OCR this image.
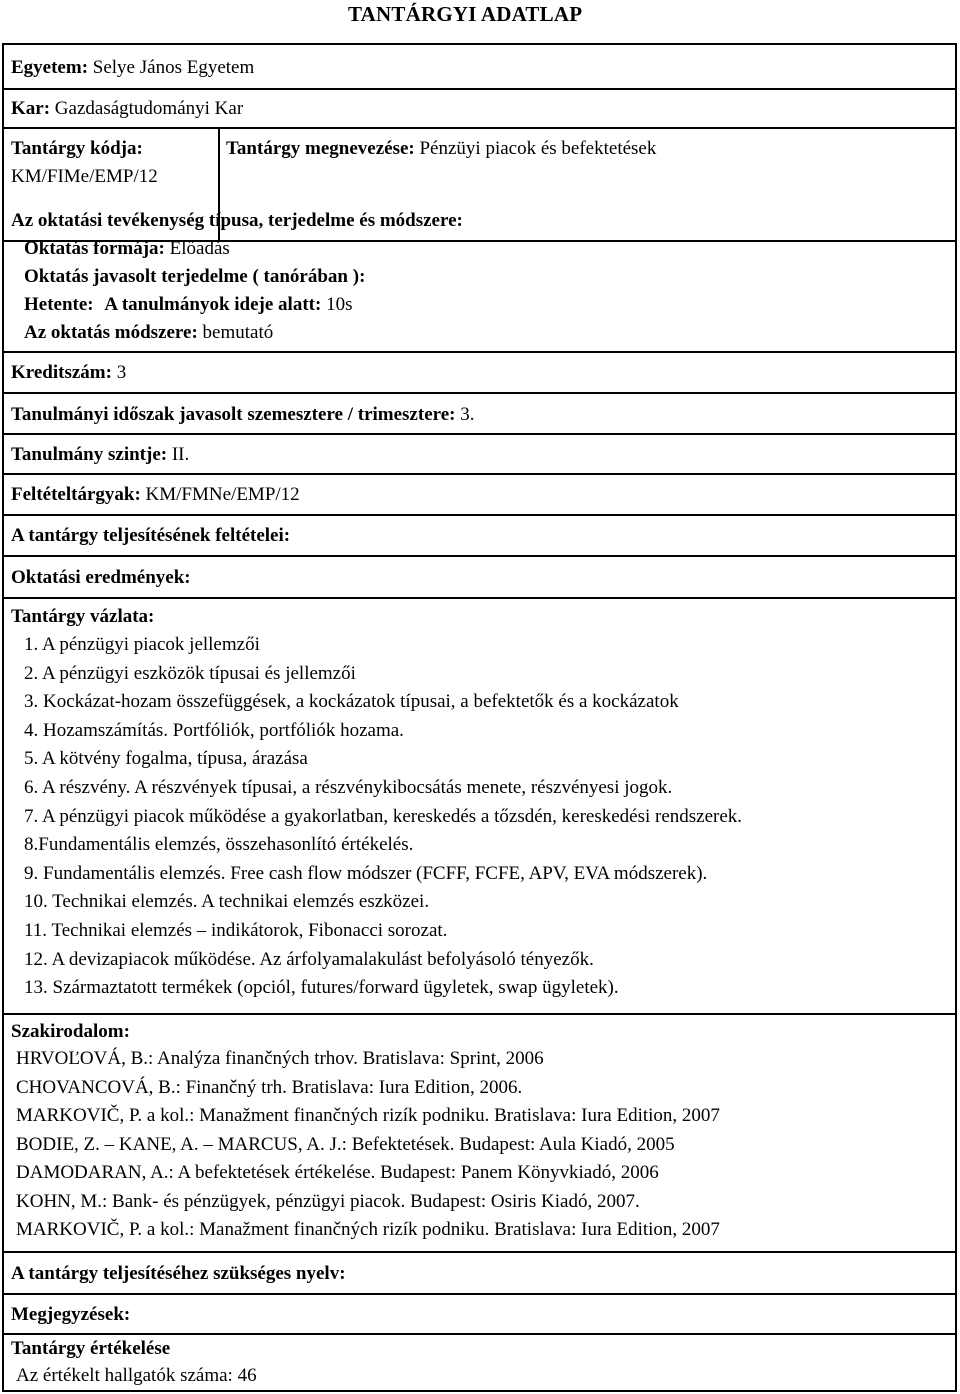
TANTÁRGYI ADATLAP
Egyetem: Selye János Egyetem
Kar: Gazdaságtudományi Kar
Tantárgy kódja:
KM/FIMe/EMP/12
Tantárgy megnevezése: Pénzüyi piacok és befektetések
Az oktatási tevékenység típusa, terjedelme és módszere:
Oktatás formája: Előadás
Oktatás javasolt terjedelme ( tanórában ):
Hetente: A tanulmányok ideje alatt: 10s
Az oktatás módszere: bemutató
Kreditszám: 3
Tanulmányi időszak javasolt szemesztere / trimesztere: 3.
Tanulmány szintje: II.
Feltételtárgyak: KM/FMNe/EMP/12
A tantárgy teljesítésének feltételei:
Oktatási eredmények:
Tantárgy vázlata:
1. A pénzügyi piacok jellemzői
2. A pénzügyi eszközök típusai és jellemzői
3. Kockázat-hozam összefüggések, a kockázatok típusai, a befektetők és a kockázatok
4. Hozamszámítás. Portfóliók, portfóliók hozama.
5. A kötvény fogalma, típusa, árazása
6. A részvény. A részvények típusai, a részvénykibocsátás menete, részvényesi jogok.
7. A pénzügyi piacok működése a gyakorlatban, kereskedés a tőzsdén, kereskedési rendszerek.
8.Fundamentális elemzés, összehasonlító értékelés.
9. Fundamentális elemzés. Free cash flow módszer (FCFF, FCFE, APV, EVA módszerek).
10. Technikai elemzés. A technikai elemzés eszközei.
11. Technikai elemzés – indikátorok, Fibonacci sorozat.
12. A devizapiacok működése. Az árfolyamalakulást befolyásoló tényezők.
13. Származtatott termékek (opciól, futures/forward ügyletek, swap ügyletek).
Szakirodalom:
HRVOĽOVÁ, B.: Analýza finančných trhov. Bratislava: Sprint, 2006
CHOVANCOVÁ, B.: Finančný trh. Bratislava: Iura Edition, 2006.
MARKOVIČ, P. a kol.: Manažment finančných rizík podniku. Bratislava: Iura Edition, 2007
BODIE, Z. – KANE, A. – MARCUS, A. J.: Befektetések. Budapest: Aula Kiadó, 2005
DAMODARAN, A.: A befektetések értékelése. Budapest: Panem Könyvkiadó, 2006
KOHN, M.: Bank- és pénzügyek, pénzügyi piacok. Budapest: Osiris Kiadó, 2007.
MARKOVIČ, P. a kol.: Manažment finančných rizík podniku. Bratislava: Iura Edition, 2007
A tantárgy teljesítéséhez szükséges nyelv:
Megjegyzések:
Tantárgy értékelése
Az értékelt hallgatók száma: 46
